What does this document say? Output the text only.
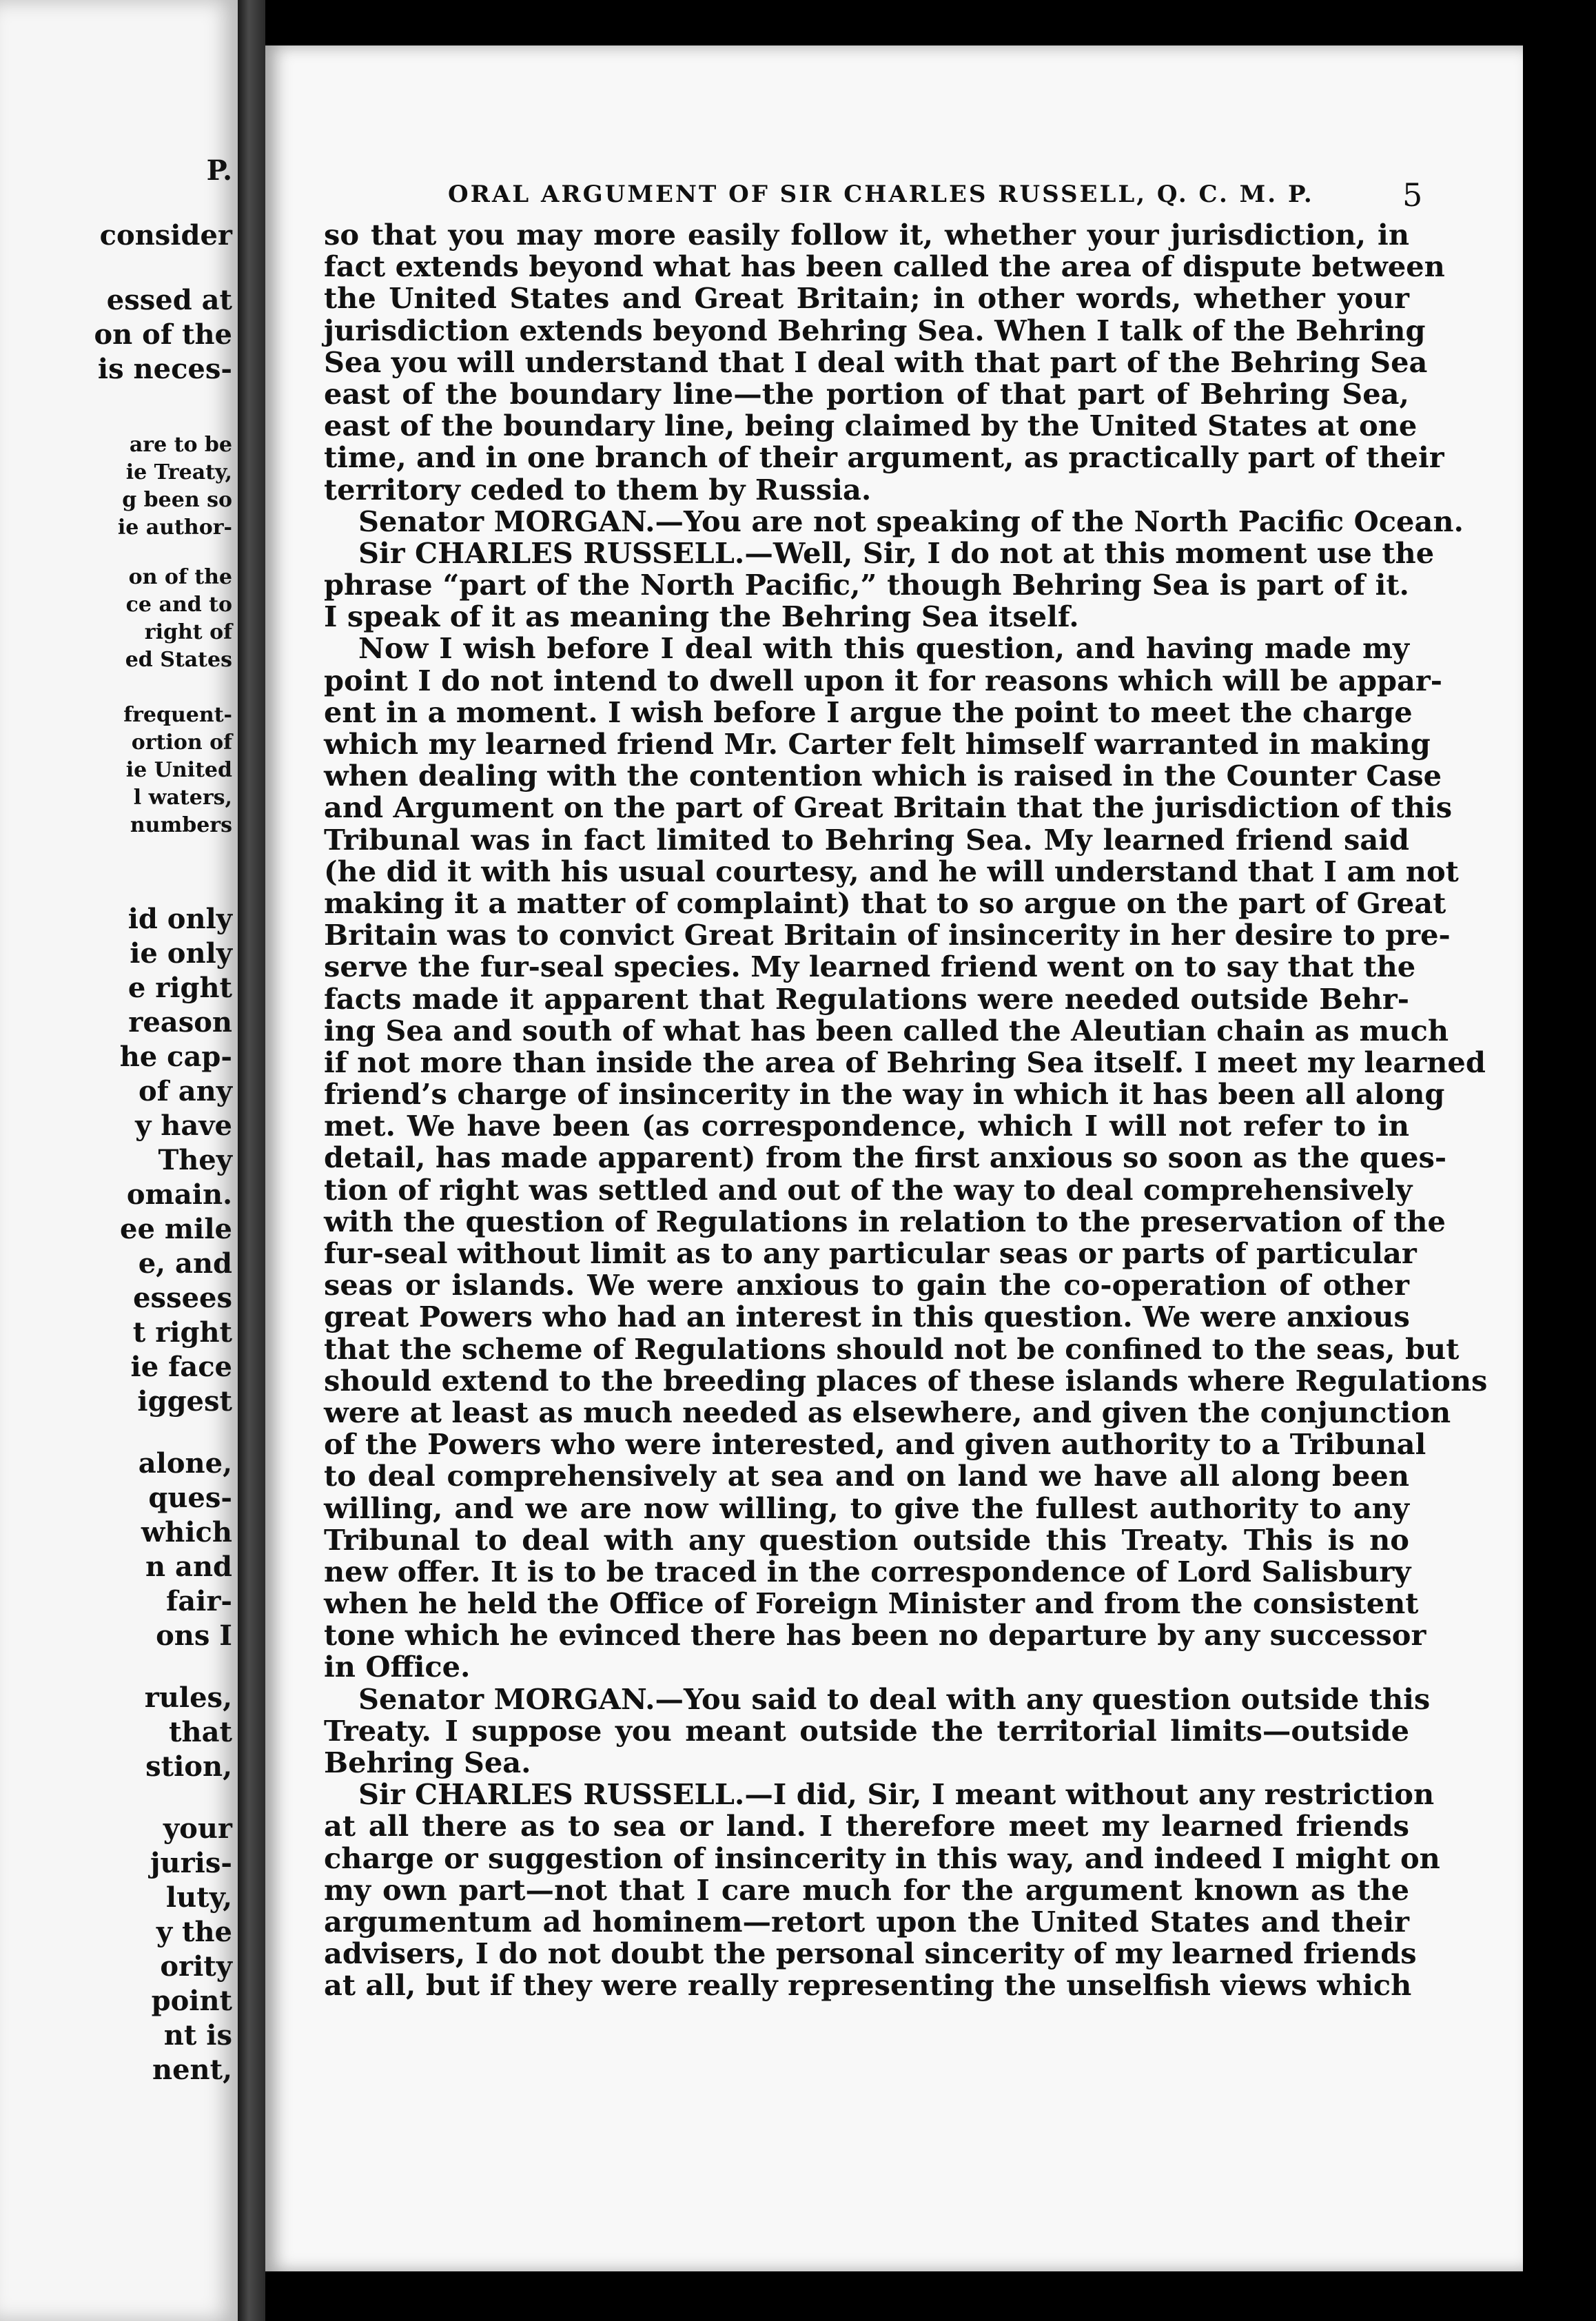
P.
consider
essed at
on of the
is neces-
are to be
ie Treaty,
g been so
ie author-
on of the
ce and to
right of
ed States
frequent-
ortion of
ie United
l waters,
numbers
id only
ie only
e right
reason
he cap-
of any
y have
They
omain.
ee mile
e, and
essees
t right
ie face
iggest
alone,
ques-
which
n and
fair-
ons I
rules,
that
stion,
your
juris-
luty,
y the
ority
point
nt is
nent,
ORAL ARGUMENT OF SIR CHARLES RUSSELL, Q. C. M. P.	5
so that you may more easily follow it, whether your jurisdiction, in
fact extends beyond what has been called the area of dispute between
the United States and Great Britain; in other words, whether your
jurisdiction extends beyond Behring Sea. When I talk of the Behring
Sea you will understand that I deal with that part of the Behring Sea
east of the boundary line—the portion of that part of Behring Sea,
east of the boundary line, being claimed by the United States at one
time, and in one branch of their argument, as practically part of their
territory ceded to them by Russia.
Senator MORGAN.—You are not speaking of the North Pacific Ocean.
Sir CHARLES RUSSELL.—Well, Sir, I do not at this moment use the
phrase “part of the North Pacific,” though Behring Sea is part of it.
I speak of it as meaning the Behring Sea itself.
Now I wish before I deal with this question, and having made my
point I do not intend to dwell upon it for reasons which will be appar-
ent in a moment. I wish before I argue the point to meet the charge
which my learned friend Mr. Carter felt himself warranted in making
when dealing with the contention which is raised in the Counter Case
and Argument on the part of Great Britain that the jurisdiction of this
Tribunal was in fact limited to Behring Sea. My learned friend said
(he did it with his usual courtesy, and he will understand that I am not
making it a matter of complaint) that to so argue on the part of Great
Britain was to convict Great Britain of insincerity in her desire to pre-
serve the fur-seal species. My learned friend went on to say that the
facts made it apparent that Regulations were needed outside Behr-
ing Sea and south of what has been called the Aleutian chain as much
if not more than inside the area of Behring Sea itself. I meet my learned
friend’s charge of insincerity in the way in which it has been all along
met. We have been (as correspondence, which I will not refer to in
detail, has made apparent) from the first anxious so soon as the ques-
tion of right was settled and out of the way to deal comprehensively
with the question of Regulations in relation to the preservation of the
fur-seal without limit as to any particular seas or parts of particular
seas or islands. We were anxious to gain the co-operation of other
great Powers who had an interest in this question. We were anxious
that the scheme of Regulations should not be confined to the seas, but
should extend to the breeding places of these islands where Regulations
were at least as much needed as elsewhere, and given the conjunction
of the Powers who were interested, and given authority to a Tribunal
to deal comprehensively at sea and on land we have all along been
willing, and we are now willing, to give the fullest authority to any
Tribunal to deal with any question outside this Treaty. This is no
new offer. It is to be traced in the correspondence of Lord Salisbury
when he held the Office of Foreign Minister and from the consistent
tone which he evinced there has been no departure by any successor
in Office.
Senator MORGAN.—You said to deal with any question outside this
Treaty. I suppose you meant outside the territorial limits—outside
Behring Sea.
Sir CHARLES RUSSELL.—I did, Sir, I meant without any restriction
at all there as to sea or land. I therefore meet my learned friends
charge or suggestion of insincerity in this way, and indeed I might on
my own part—not that I care much for the argument known as the
argumentum ad hominem—retort upon the United States and their
advisers, I do not doubt the personal sincerity of my learned friends
at all, but if they were really representing the unselfish views which
